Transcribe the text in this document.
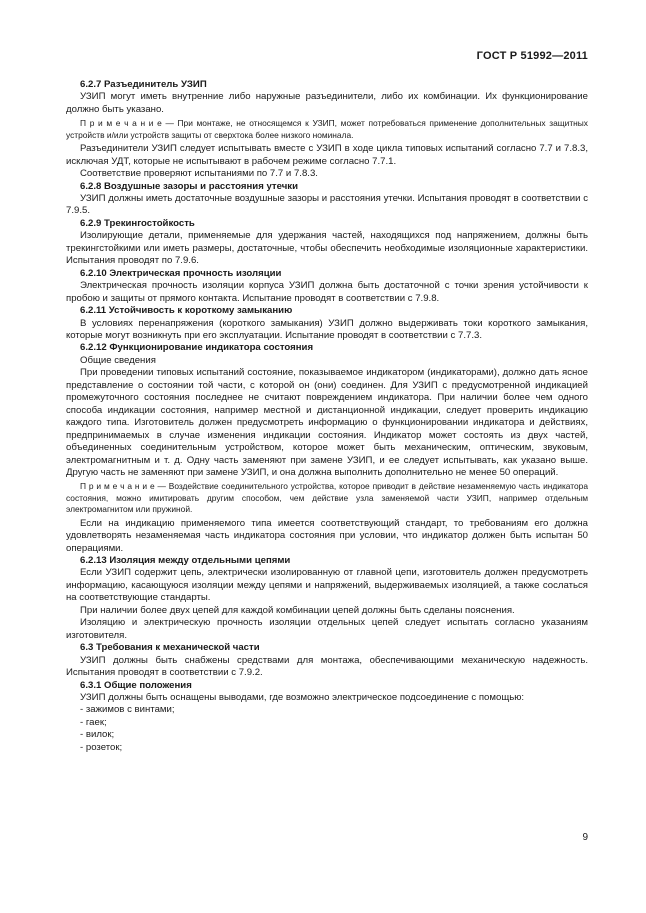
ГОСТ Р 51992—2011

6.2.7 Разъединитель УЗИП

УЗИП могут иметь внутренние либо наружные разъединители, либо их комбинации. Их функционирование должно быть указано.

П р и м е ч а н и е — При монтаже, не относящемся к УЗИП, может потребоваться применение дополнительных защитных устройств и/или устройств защиты от сверхтока более низкого номинала.

Разъединители УЗИП следует испытывать вместе с УЗИП в ходе цикла типовых испытаний согласно 7.7 и 7.8.3, исключая УДТ, которые не испытывают в рабочем режиме согласно 7.7.1.

Соответствие проверяют испытаниями по 7.7 и 7.8.3.

6.2.8 Воздушные зазоры и расстояния утечки

УЗИП должны иметь достаточные воздушные зазоры и расстояния утечки. Испытания проводят в соответствии с 7.9.5.

6.2.9 Трекингостойкость

Изолирующие детали, применяемые для удержания частей, находящихся под напряжением, должны быть трекингстойкими или иметь размеры, достаточные, чтобы обеспечить необходимые изоляционные характеристики. Испытания проводят по 7.9.6.

6.2.10 Электрическая прочность изоляции

Электрическая прочность изоляции корпуса УЗИП должна быть достаточной с точки зрения устойчивости к пробою и защиты от прямого контакта. Испытание проводят в соответствии с 7.9.8.

6.2.11 Устойчивость к короткому замыканию

В условиях перенапряжения (короткого замыкания) УЗИП должно выдерживать токи короткого замыкания, которые могут возникнуть при его эксплуатации. Испытание проводят в соответствии с 7.7.3.

6.2.12 Функционирование индикатора состояния

Общие сведения

При проведении типовых испытаний состояние, показываемое индикатором (индикаторами), должно дать ясное представление о состоянии той части, с которой он (они) соединен. Для УЗИП с предусмотренной индикацией промежуточного состояния последнее не считают повреждением индикатора. При наличии более чем одного способа индикации состояния, например местной и дистанционной индикации, следует проверить индикацию каждого типа. Изготовитель должен предусмотреть информацию о функционировании индикатора и действиях, предпринимаемых в случае изменения индикации состояния. Индикатор может состоять из двух частей, объединенных соединительным устройством, которое может быть механическим, оптическим, звуковым, электромагнитным и т. д. Одну часть заменяют при замене УЗИП, и ее следует испытывать, как указано выше. Другую часть не заменяют при замене УЗИП, и она должна выполнить дополнительно не менее 50 операций.

П р и м е ч а н и е — Воздействие соединительного устройства, которое приводит в действие незаменяемую часть индикатора состояния, можно имитировать другим способом, чем действие узла заменяемой части УЗИП, например отдельным электромагнитом или пружиной.

Если на индикацию применяемого типа имеется соответствующий стандарт, то требованиям его должна удовлетворять незаменяемая часть индикатора состояния при условии, что индикатор должен быть испытан 50 операциями.

6.2.13 Изоляция между отдельными цепями

Если УЗИП содержит цепь, электрически изолированную от главной цепи, изготовитель должен предусмотреть информацию, касающуюся изоляции между цепями и напряжений, выдерживаемых изоляцией, а также сослаться на соответствующие стандарты.

При наличии более двух цепей для каждой комбинации цепей должны быть сделаны пояснения.

Изоляцию и электрическую прочность изоляции отдельных цепей следует испытать согласно указаниям изготовителя.

6.3 Требования к механической части

УЗИП должны быть снабжены средствами для монтажа, обеспечивающими механическую надежность. Испытания проводят в соответствии с 7.9.2.

6.3.1 Общие положения

УЗИП должны быть оснащены выводами, где возможно электрическое подсоединение с помощью:

- зажимов с винтами;

- гаек;

- вилок;

- розеток;

9
